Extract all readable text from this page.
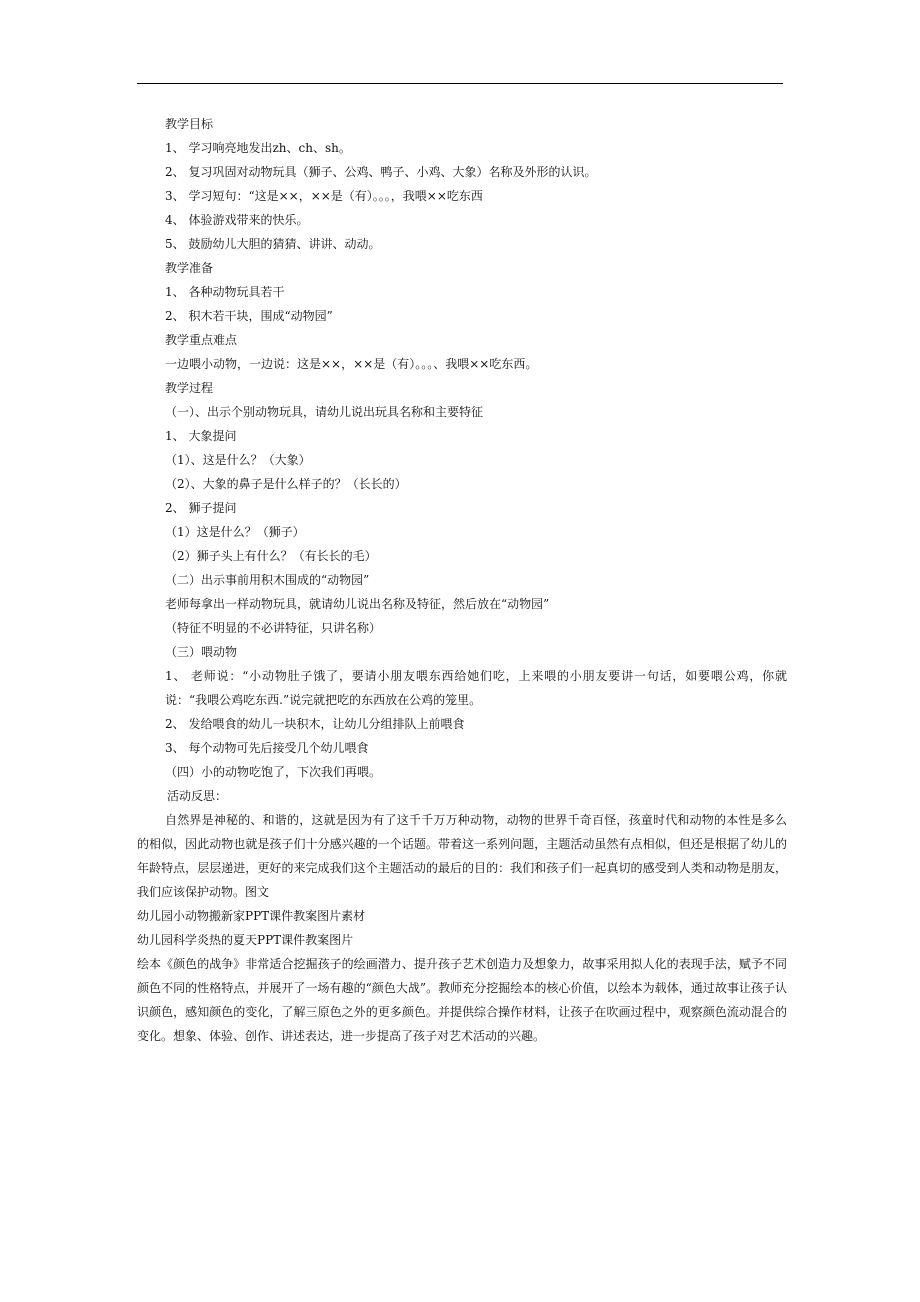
教学目标
1、 学习响亮地发出zh、ch、sh。
2、 复习巩固对动物玩具（狮子、公鸡、鸭子、小鸡、大象）名称及外形的认识。
3、 学习短句：“这是××，××是（有）。。。，我喂××吃东西
4、 体验游戏带来的快乐。
5、 鼓励幼儿大胆的猜猜、讲讲、动动。
教学准备
1、 各种动物玩具若干
2、 积木若干块，围成“动物园”
教学重点难点
一边喂小动物，一边说：这是××，××是（有）。。。、我喂××吃东西。
教学过程
（一）、出示个别动物玩具，请幼儿说出玩具名称和主要特征
1、 大象提问
（1）、这是什么？（大象）
（2）、大象的鼻子是什么样子的？（长长的）
2、 狮子提问
（1）这是什么？（狮子）
（2）狮子头上有什么？（有长长的毛）
（二）出示事前用积木围成的“动物园”
老师每拿出一样动物玩具，就请幼儿说出名称及特征，然后放在“动物园”
（特征不明显的不必讲特征，只讲名称）
（三）喂动物
1、 老师说：“小动物肚子饿了，要请小朋友喂东西给她们吃，上来喂的小朋友要讲一句话，如要喂公鸡，你就说：“我喂公鸡吃东西.”说完就把吃的东西放在公鸡的笼里。
2、 发给喂食的幼儿一块积木，让幼儿分组排队上前喂食
3、 每个动物可先后接受几个幼儿喂食
（四）小的动物吃饱了，下次我们再喂。
活动反思：
自然界是神秘的、和谐的，这就是因为有了这千千万万种动物，动物的世界千奇百怪，孩童时代和动物的本性是多么的相似，因此动物也就是孩子们十分感兴趣的一个话题。带着这一系列问题，主题活动虽然有点相似，但还是根据了幼儿的年龄特点，层层递进，更好的来完成我们这个主题活动的最后的目的：我们和孩子们一起真切的感受到人类和动物是朋友，我们应该保护动物。图文
幼儿园小动物搬新家PPT课件教案图片素材
幼儿园科学炎热的夏天PPT课件教案图片
绘本《颜色的战争》非常适合挖掘孩子的绘画潜力、提升孩子艺术创造力及想象力，故事采用拟人化的表现手法，赋予不同颜色不同的性格特点，并展开了一场有趣的“颜色大战”。教师充分挖掘绘本的核心价值，以绘本为载体，通过故事让孩子认识颜色，感知颜色的变化，了解三原色之外的更多颜色。并提供综合操作材料，让孩子在吹画过程中，观察颜色流动混合的变化。想象、体验、创作、讲述表达，进一步提高了孩子对艺术活动的兴趣。
